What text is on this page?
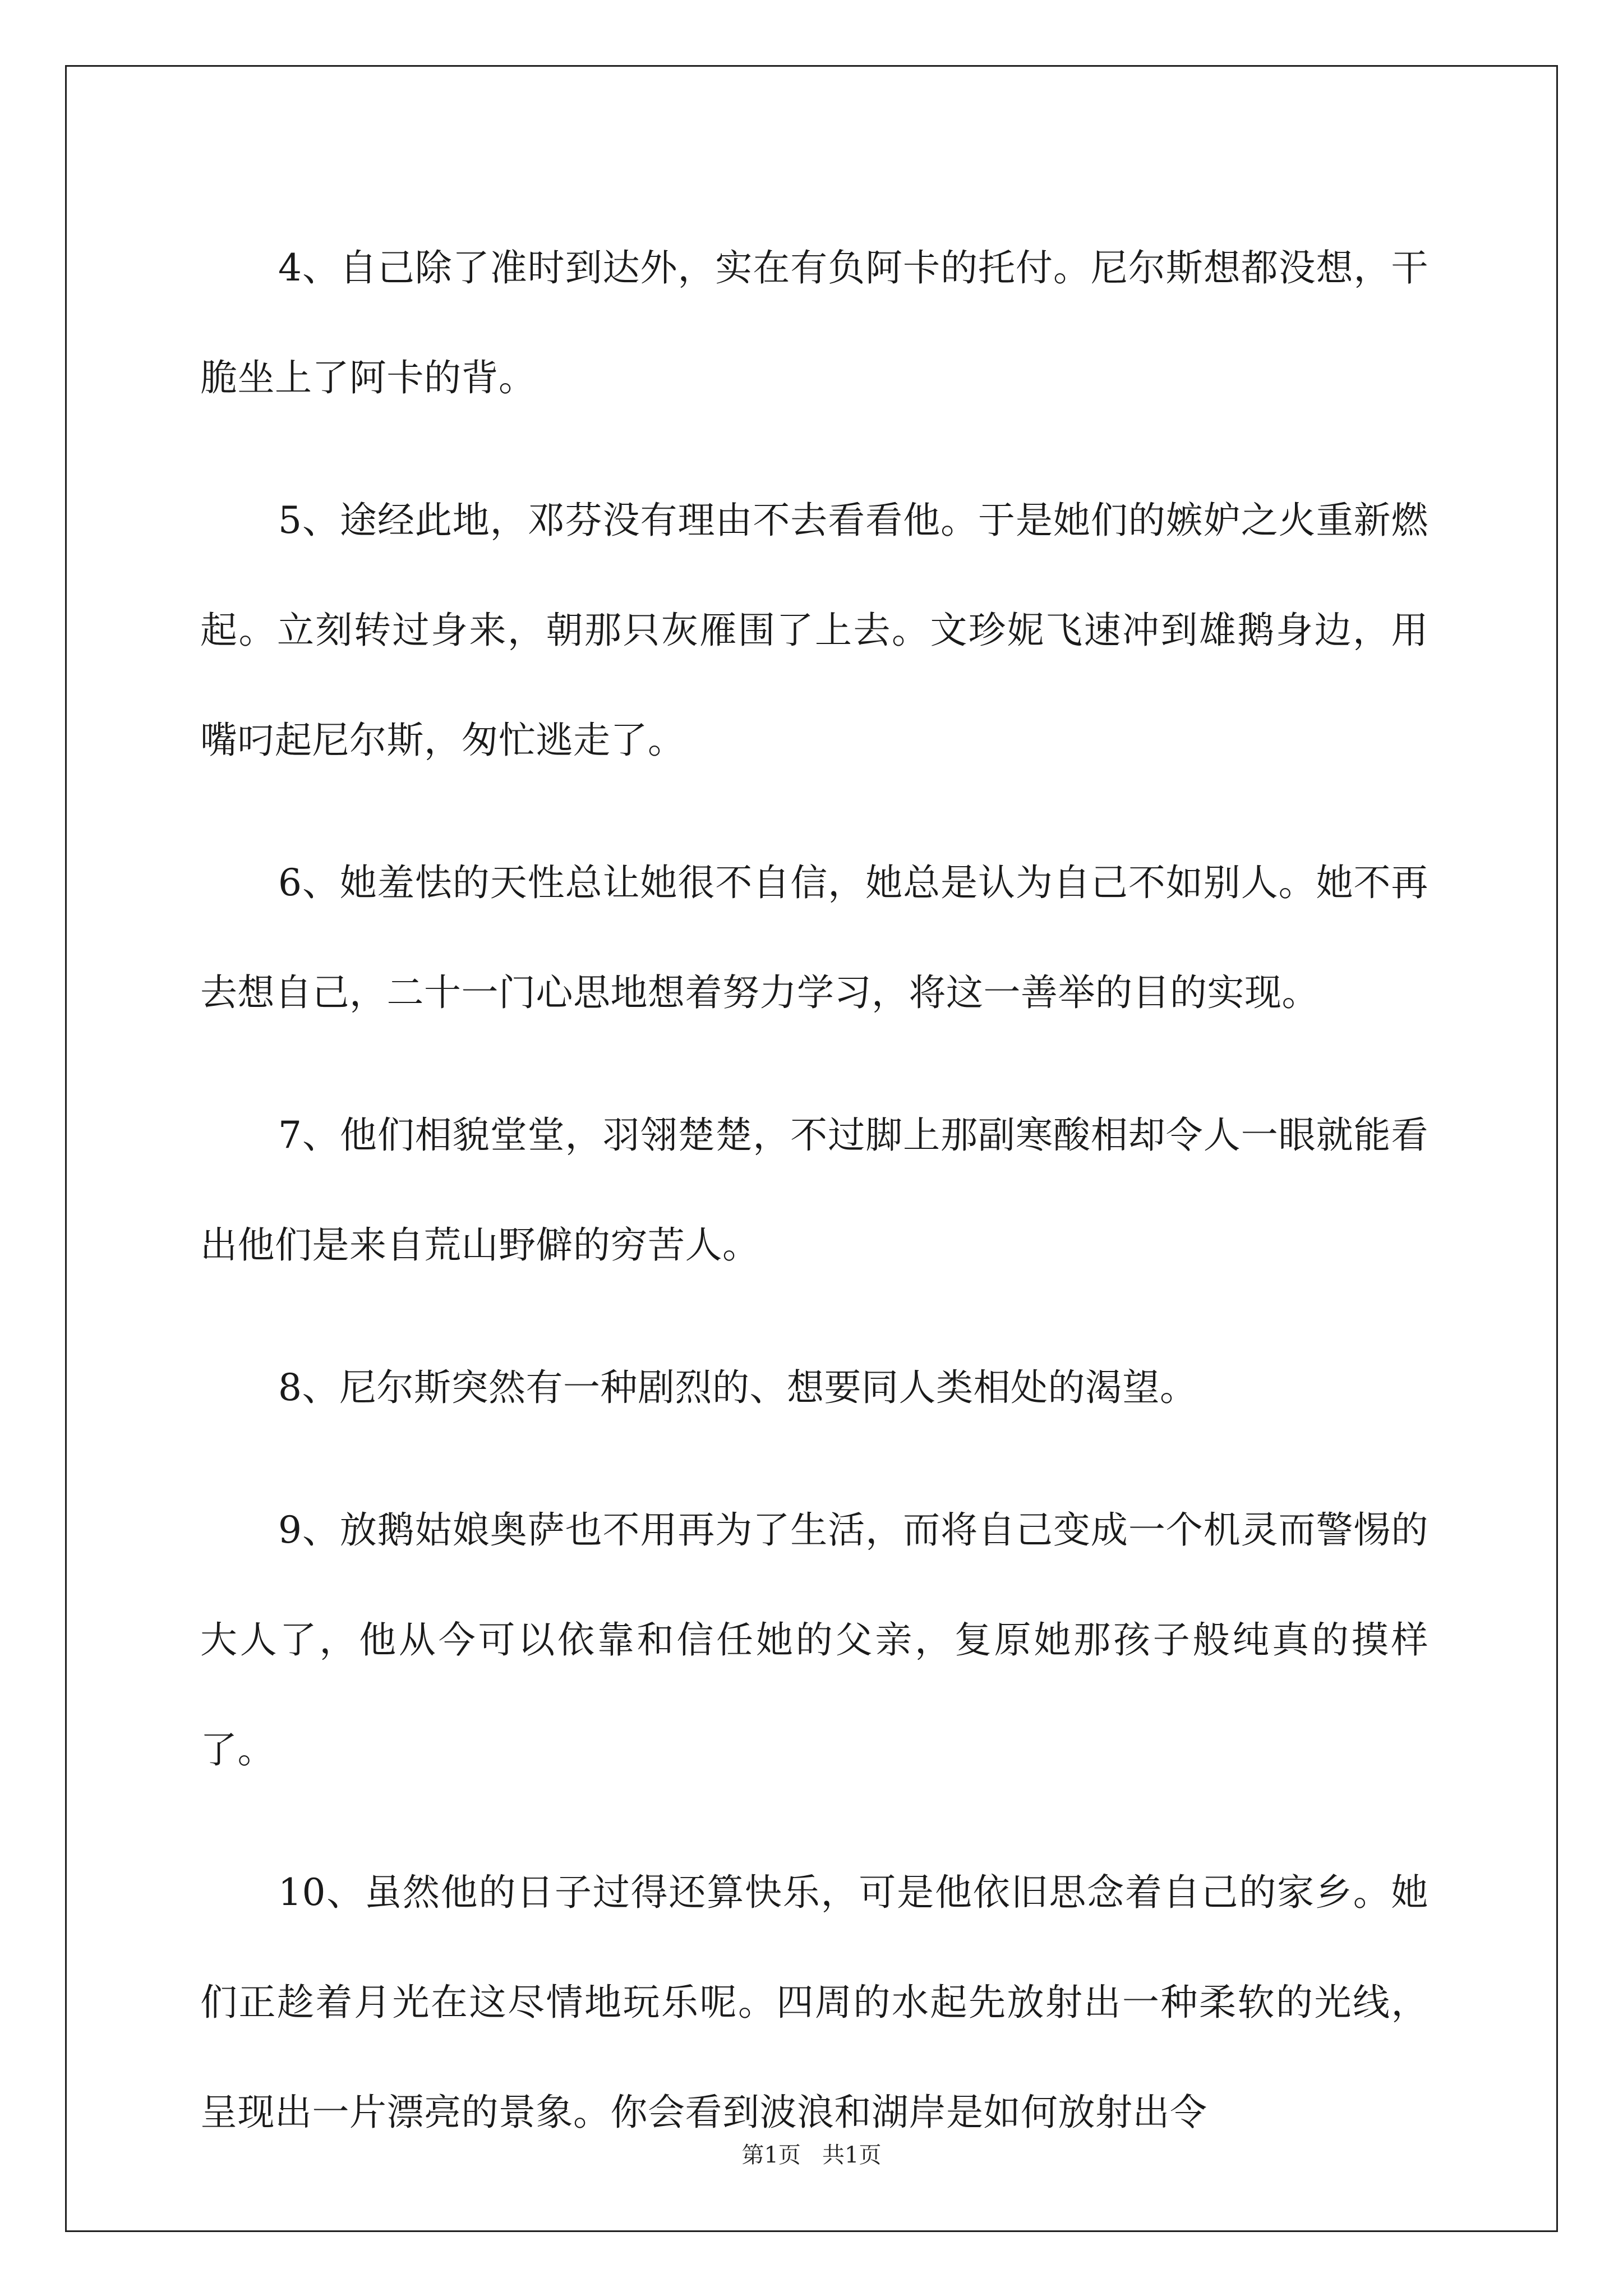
4、自己除了准时到达外，实在有负阿卡的托付。尼尔斯想都没想，干脆坐上了阿卡的背。

5、途经此地，邓芬没有理由不去看看他。于是她们的嫉妒之火重新燃起。立刻转过身来，朝那只灰雁围了上去。文珍妮飞速冲到雄鹅身边，用嘴叼起尼尔斯，匆忙逃走了。

6、她羞怯的天性总让她很不自信，她总是认为自己不如别人。她不再去想自己，二十一门心思地想着努力学习，将这一善举的目的实现。

7、他们相貌堂堂，羽翎楚楚，不过脚上那副寒酸相却令人一眼就能看出他们是来自荒山野僻的穷苦人。

8、尼尔斯突然有一种剧烈的、想要同人类相处的渴望。

9、放鹅姑娘奥萨也不用再为了生活，而将自己变成一个机灵而警惕的大人了，他从今可以依靠和信任她的父亲，复原她那孩子般纯真的摸样了。

10、虽然他的日子过得还算快乐，可是他依旧思念着自己的家乡。她们正趁着月光在这尽情地玩乐呢。四周的水起先放射出一种柔软的光线，呈现出一片漂亮的景象。你会看到波浪和湖岸是如何放射出令

第1页   共1页
